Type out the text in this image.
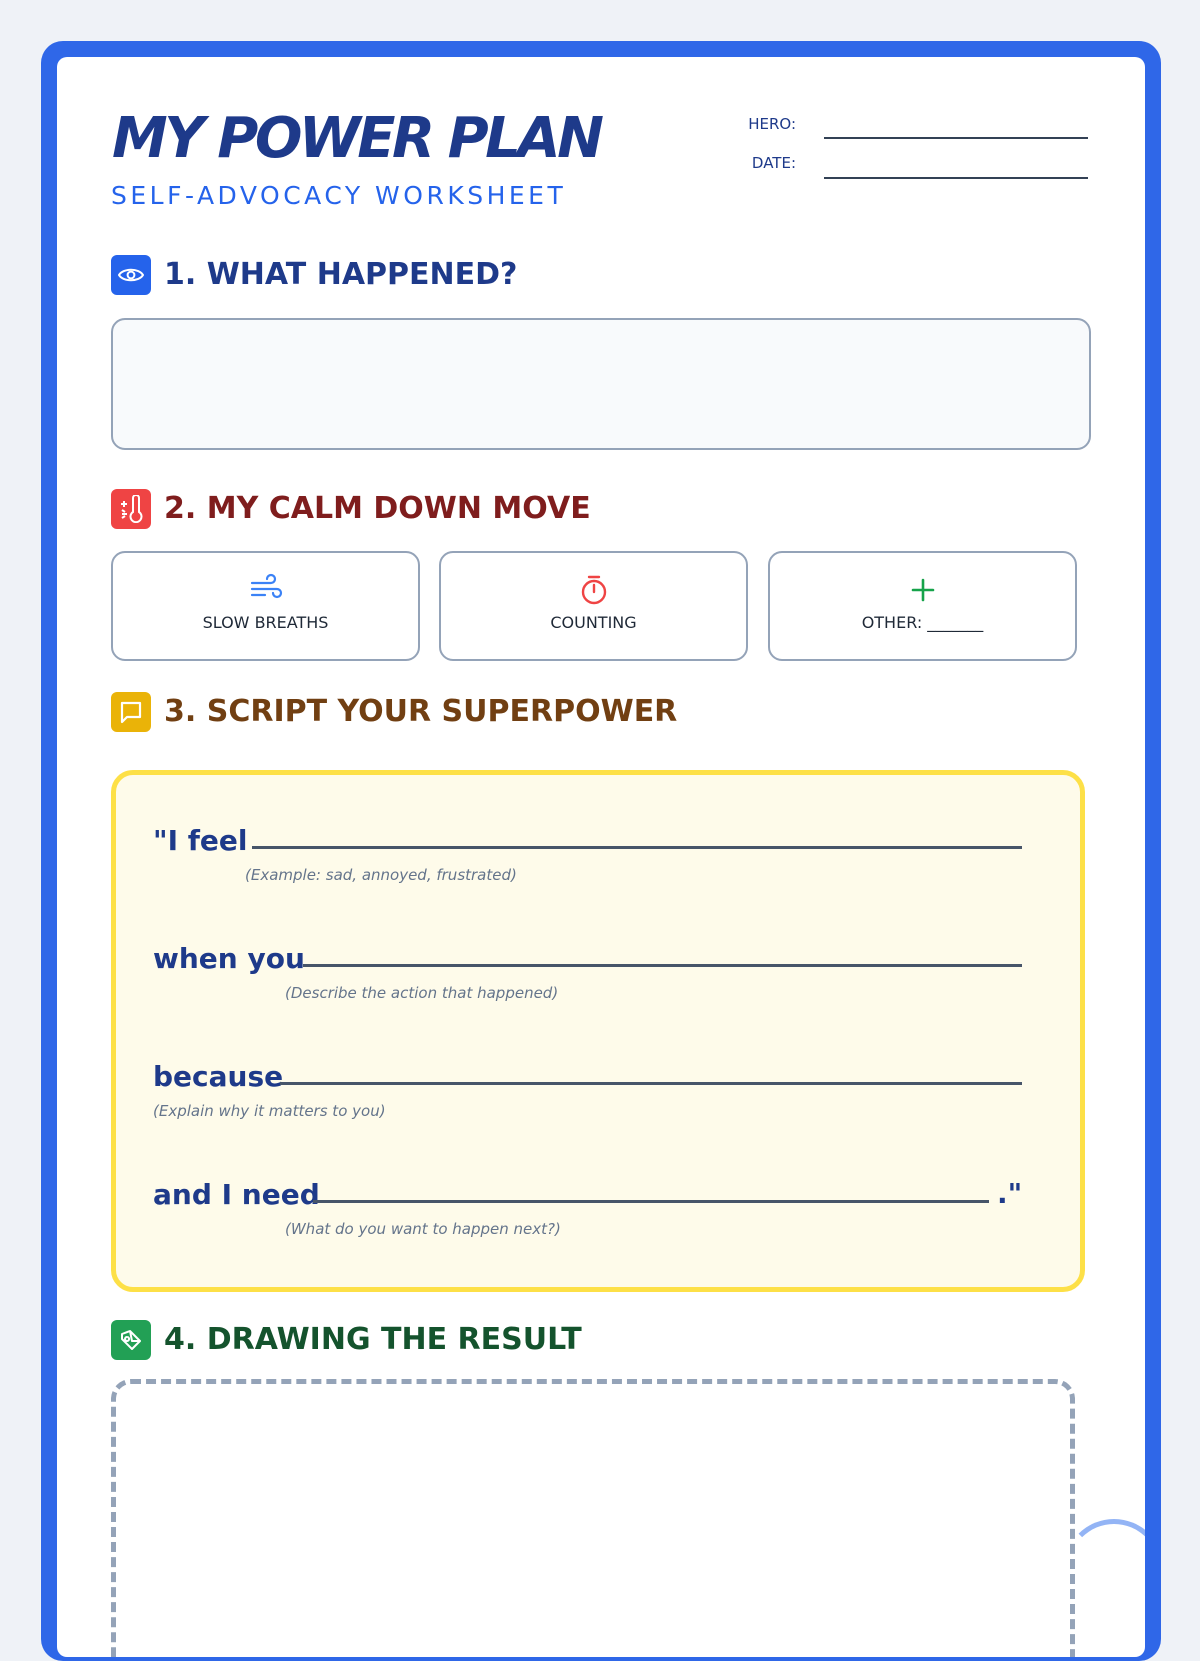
MY POWER PLAN
SELF-ADVOCACY WORKSHEET
HERO:
DATE:
1. WHAT HAPPENED?
2. MY CALM DOWN MOVE
SLOW BREATHS	COUNTING	OTHER: _______
3. SCRIPT YOUR SUPERPOWER
"I feel
(Example: sad, annoyed, frustrated)
when you
(Describe the action that happened)
because
(Explain why it matters to you)
and I need	."
(What do you want to happen next?)
4. DRAWING THE RESULT
